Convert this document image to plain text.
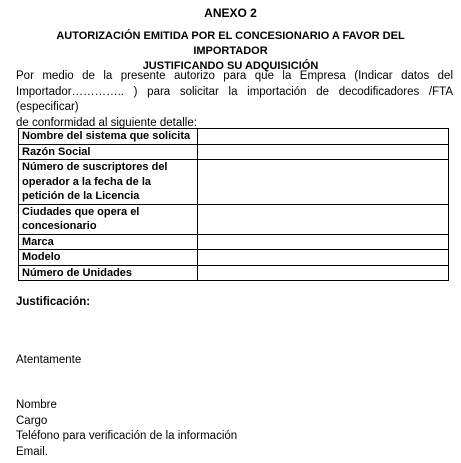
ANEXO 2
AUTORIZACIÓN EMITIDA POR EL CONCESIONARIO A FAVOR DEL IMPORTADOR
JUSTIFICANDO SU ADQUISICIÓN
Por medio de la presente autorizo para que la Empresa (Indicar datos del
Importador………….. ) para solicitar la importación de decodificadores /FTA (especificar)
de conformidad al siguiente detalle:
Nombre del sistema que solicita	
Razón Social	
Número de suscriptores del operador a la fecha de la petición de la Licencia	
Ciudades que opera el concesionario	
Marca	
Modelo	
Número de Unidades	
Justificación:
Atentamente
Nombre
Cargo
Teléfono para verificación de la información
Email.
